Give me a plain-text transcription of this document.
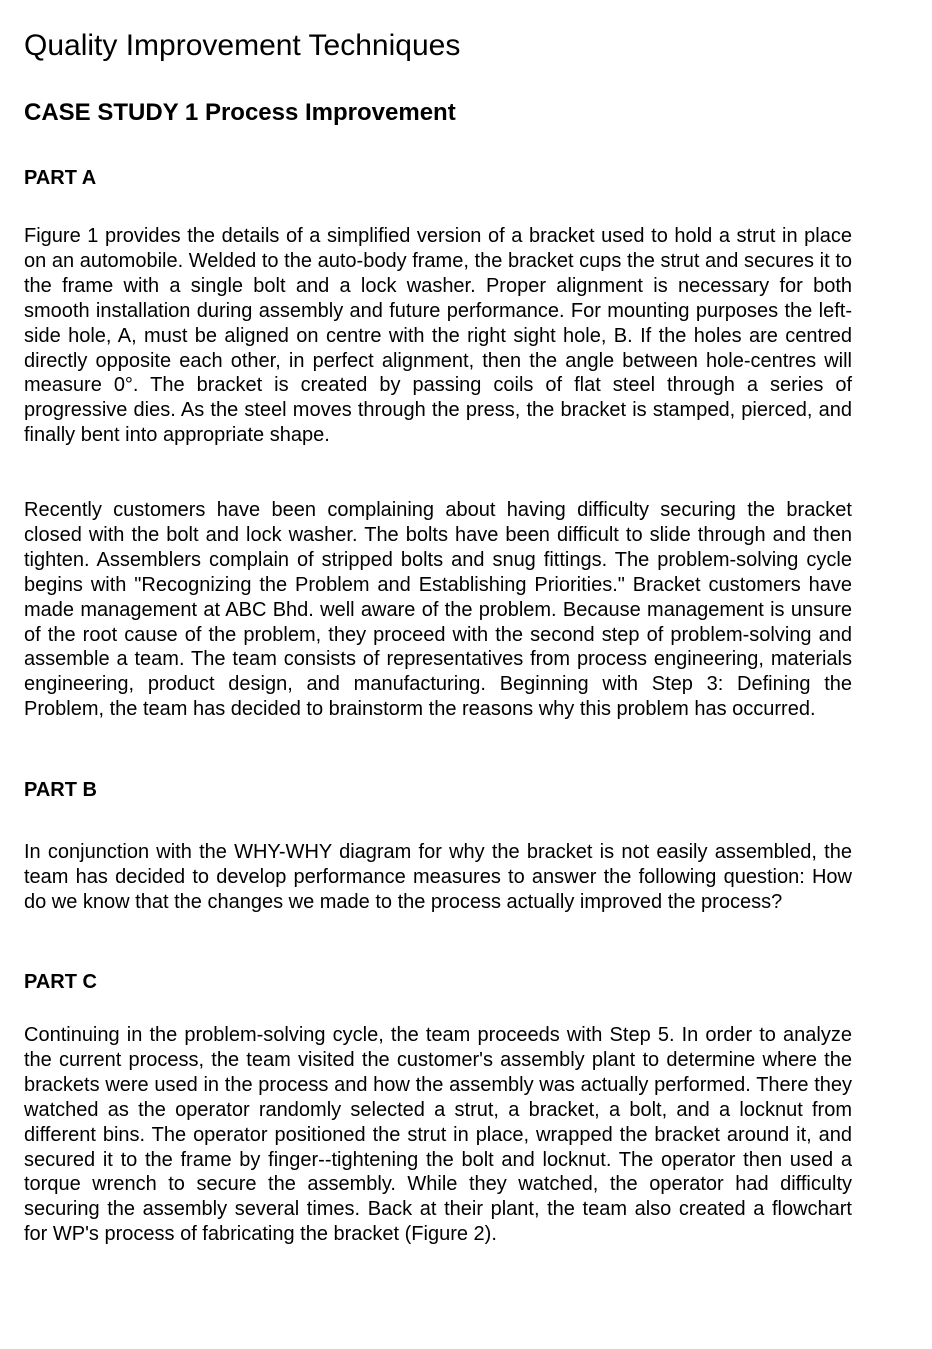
Quality Improvement Techniques
CASE STUDY 1 Process Improvement
PART A
Figure 1 provides the details of a simplified version of a bracket used to hold a strut in place on an automobile. Welded to the auto-body frame, the bracket cups the strut and secures it to the frame with a single bolt and a lock washer. Proper alignment is necessary for both smooth installation during assembly and future performance. For mounting purposes the left-side hole, A, must be aligned on centre with the right sight hole, B. If the holes are centred directly opposite each other, in perfect alignment, then the angle between hole-centres will measure 0°. The bracket is created by passing coils of flat steel through a series of progressive dies. As the steel moves through the press, the bracket is stamped, pierced, and finally bent into appropriate shape.
Recently customers have been complaining about having difficulty securing the bracket closed with the bolt and lock washer. The bolts have been difficult to slide through and then tighten. Assemblers complain of stripped bolts and snug fittings. The problem-solving cycle begins with "Recognizing the Problem and Establishing Priorities." Bracket customers have made management at ABC Bhd. well aware of the problem. Because management is unsure of the root cause of the problem, they proceed with the second step of problem-solving and assemble a team. The team consists of representatives from process engineering, materials engineering, product design, and manufacturing. Beginning with Step 3: Defining the Problem, the team has decided to brainstorm the reasons why this problem has occurred.
PART B
In conjunction with the WHY-WHY diagram for why the bracket is not easily assembled, the team has decided to develop performance measures to answer the following question: How do we know that the changes we made to the process actually improved the process?
PART C
Continuing in the problem-solving cycle, the team proceeds with Step 5. In order to analyze the current process, the team visited the customer's assembly plant to determine where the brackets were used in the process and how the assembly was actually performed. There they watched as the operator randomly selected a strut, a bracket, a bolt, and a locknut from different bins. The operator positioned the strut in place, wrapped the bracket around it, and secured it to the frame by finger--tightening the bolt and locknut. The operator then used a torque wrench to secure the assembly. While they watched, the operator had difficulty securing the assembly several times. Back at their plant, the team also created a flowchart for WP's process of fabricating the bracket (Figure 2).
